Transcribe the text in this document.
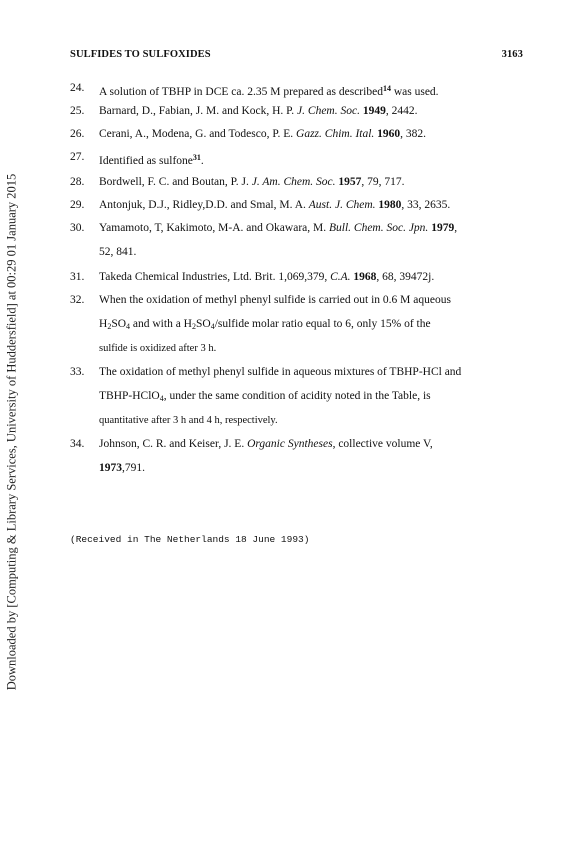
SULFIDES TO SULFOXIDES	3163
Downloaded by [Computing & Library Services, University of Huddersfield] at 00:29 01 January 2015
24.	A solution of TBHP in DCE ca. 2.35 M prepared as described$^{14}$ was used.
25.	Barnard, D., Fabian, J. M. and Kock, H. P. J. Chem. Soc. 1949, 2442.
26.	Cerani, A., Modena, G. and Todesco, P. E. Gazz. Chim. Ital. 1960, 382.
27.	Identified as sulfone$^{31}$.
28.	Bordwell, F. C. and Boutan, P. J. J. Am. Chem. Soc. 1957, 79, 717.
29.	Antonjuk, D.J., Ridley,D.D. and Smal, M. A. Aust. J. Chem. 1980, 33, 2635.
30.	Yamamoto, T, Kakimoto, M-A. and Okawara, M. Bull. Chem. Soc. Jpn. 1979,
52, 841.
31.	Takeda Chemical Industries, Ltd. Brit. 1,069,379, C.A. 1968, 68, 39472j.
32.	When the oxidation of methyl phenyl sulfide is carried out in 0.6 M aqueous
$H_2SO_4$ and with a $H_2SO_4$/sulfide molar ratio equal to 6, only 15% of the
sulfide is oxidized after 3 h.
33.	The oxidation of methyl phenyl sulfide in aqueous mixtures of TBHP-HCl and
TBHP-HClO$_4$, under the same condition of acidity noted in the Table, is
quantitative after 3 h and 4 h, respectively.
34.	Johnson, C. R. and Keiser, J. E. Organic Syntheses, collective volume V,
1973,791.
(Received in The Netherlands 18 June 1993)
